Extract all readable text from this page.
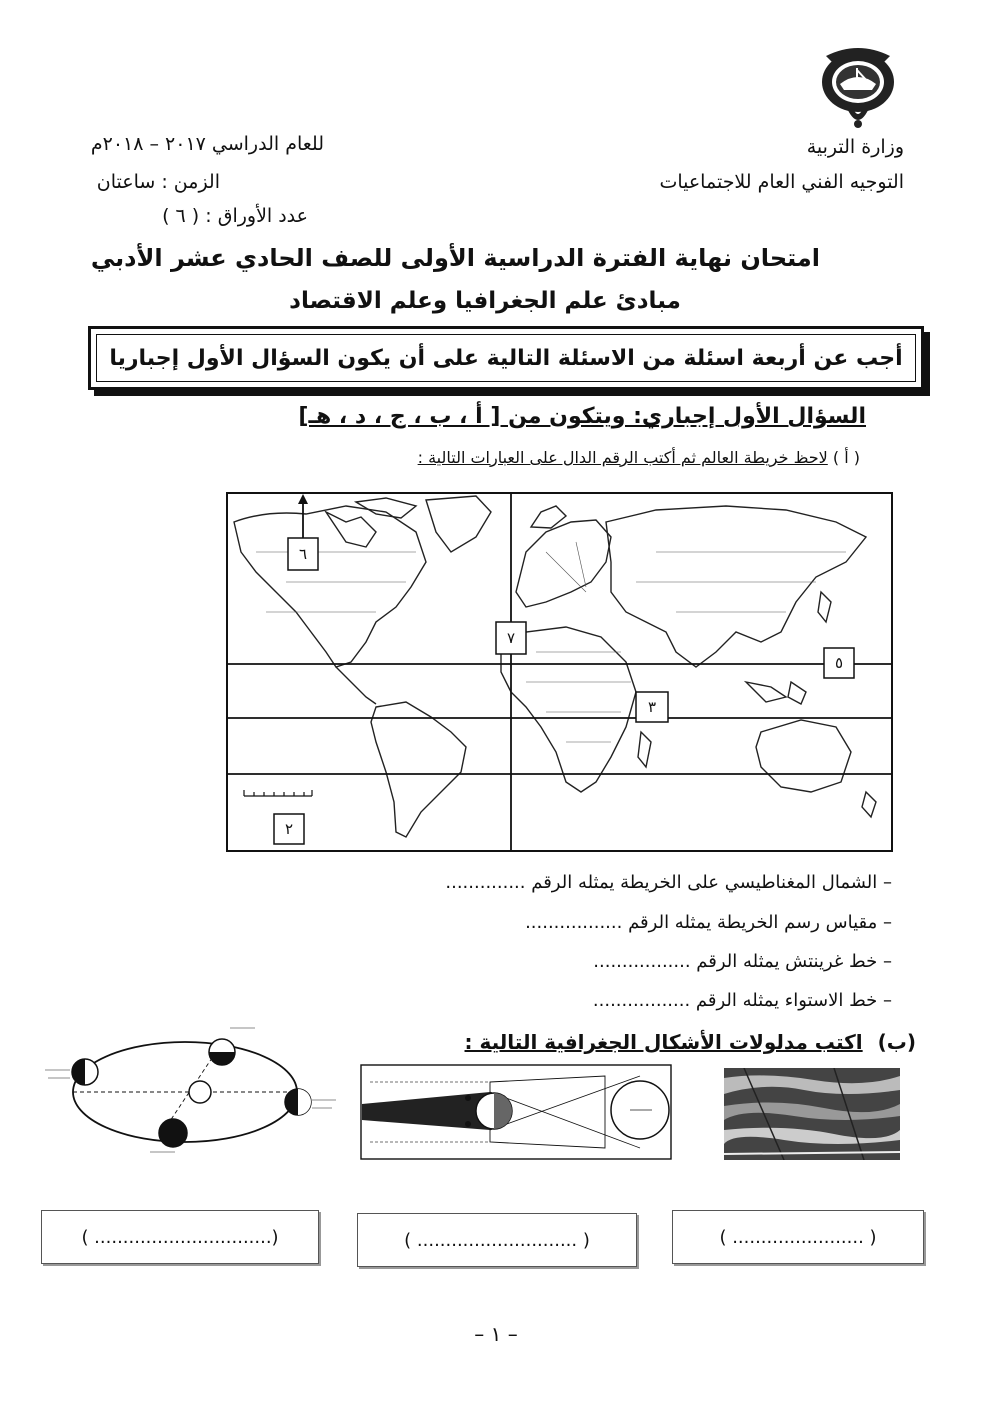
وزارة التربية
التوجيه الفني العام للاجتماعيات
للعام الدراسي ٢٠١٧ – ٢٠١٨م
الزمن : ساعتان
عدد الأوراق : ( ٦ )
امتحان نهاية الفترة الدراسية الأولى للصف الحادي عشر الأدبي
مبادئ علم الجغرافيا وعلم الاقتصاد
أجب عن أربعة اسئلة من الاسئلة التالية على أن يكون السؤال الأول إجباريا
السؤال الأول إجباري: ويتكون من [ أ ، ب ، ج ، د ، هـ]
( أ ) لاحظ خريطة العالم ثم أكتب الرقم الدال على العبارات التالية :
٦
٧
٥
٣
٢
– الشمال المغناطيسي على الخريطة يمثله الرقم ..............
– مقياس رسم الخريطة يمثله الرقم .................
– خط غرينتش يمثله الرقم .................
– خط الاستواء يمثله الرقم .................
(ب) اكتب مدلولات الأشكال الجغرافية التالية :
( ....................... )
( ............................ )
(............................... )
– ١ –
